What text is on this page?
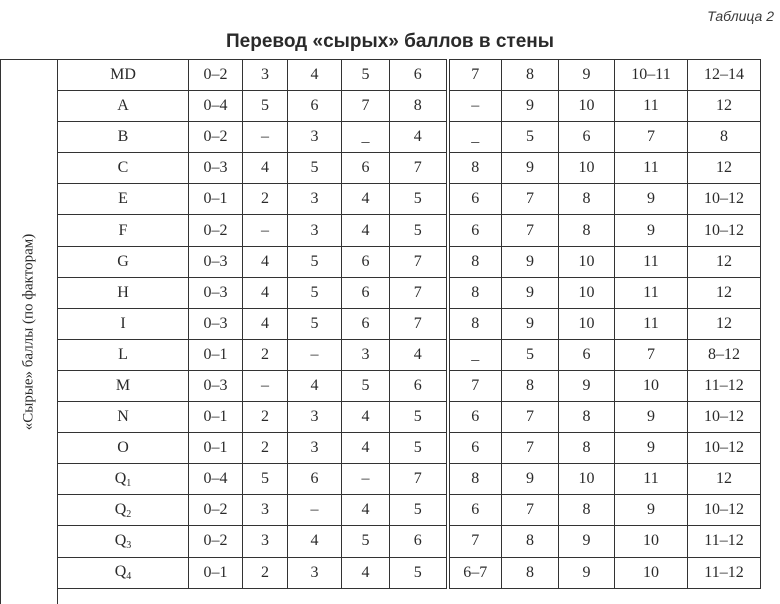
Таблица 2
Перевод «сырых» баллов в стены
«Сырые» баллы (по факторам)
MD	0–2	3	4	5	6	7	8	9	10–11	12–14
A	0–4	5	6	7	8	–	9	10	11	12
B	0–2	–	3	_	4	_	5	6	7	8
C	0–3	4	5	6	7	8	9	10	11	12
E	0–1	2	3	4	5	6	7	8	9	10–12
F	0–2	–	3	4	5	6	7	8	9	10–12
G	0–3	4	5	6	7	8	9	10	11	12
H	0–3	4	5	6	7	8	9	10	11	12
I	0–3	4	5	6	7	8	9	10	11	12
L	0–1	2	–	3	4	_	5	6	7	8–12
M	0–3	–	4	5	6	7	8	9	10	11–12
N	0–1	2	3	4	5	6	7	8	9	10–12
O	0–1	2	3	4	5	6	7	8	9	10–12
$Q_1$	0–4	5	6	–	7	8	9	10	11	12
$Q_2$	0–2	3	–	4	5	6	7	8	9	10–12
$Q_3$	0–2	3	4	5	6	7	8	9	10	11–12
$Q_4$	0–1	2	3	4	5	6–7	8	9	10	11–12
